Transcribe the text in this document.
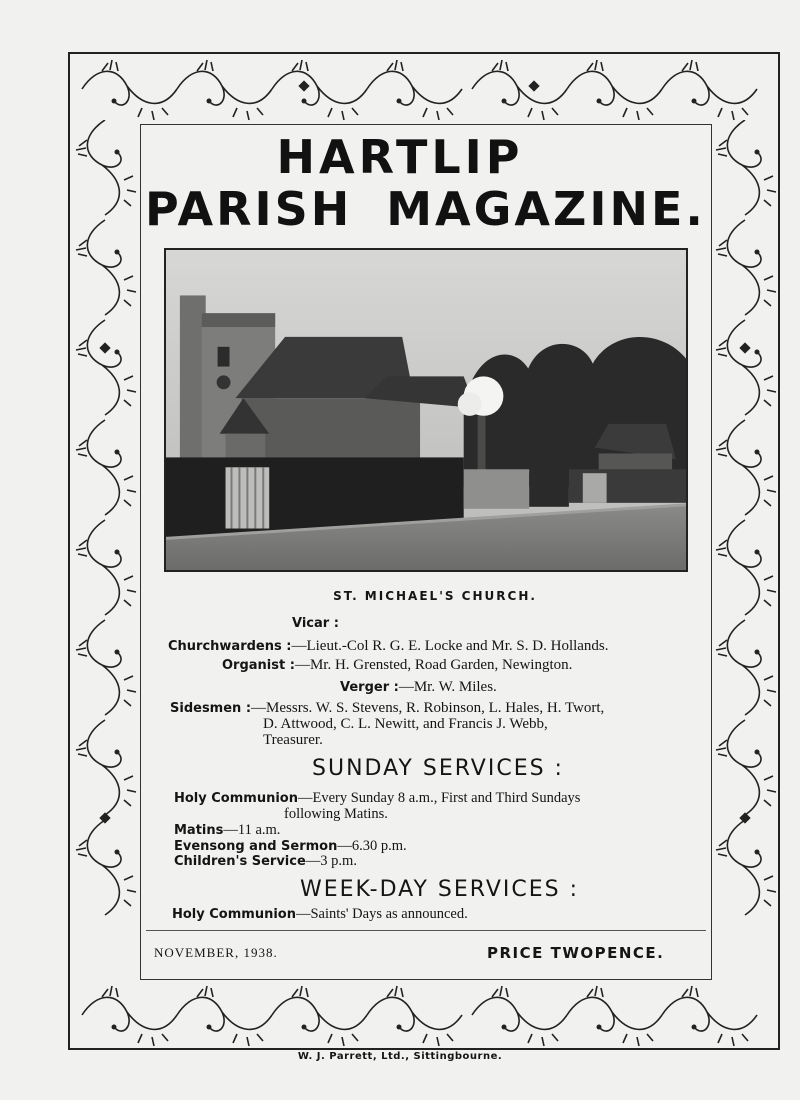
HARTLIP
PARISH MAGAZINE.
ST. MICHAEL'S CHURCH.
Vicar :
Churchwardens :—Lieut.-Col R. G. E. Locke and Mr. S. D. Hollands.
Organist :—Mr. H. Grensted, Road Garden, Newington.
Verger :—Mr. W. Miles.
Sidesmen :—Messrs. W. S. Stevens, R. Robinson, L. Hales, H. Twort,
D. Attwood, C. L. Newitt, and Francis J. Webb,
Treasurer.
SUNDAY SERVICES :
Holy Communion—Every Sunday 8 a.m., First and Third Sundays
following Matins.
Matins—11 a.m.
Evensong and Sermon—6.30 p.m.
Children's Service—3 p.m.
WEEK-DAY SERVICES :
Holy Communion—Saints' Days as announced.
NOVEMBER, 1938.	PRICE TWOPENCE.
W. J. Parrett, Ltd., Sittingbourne.
